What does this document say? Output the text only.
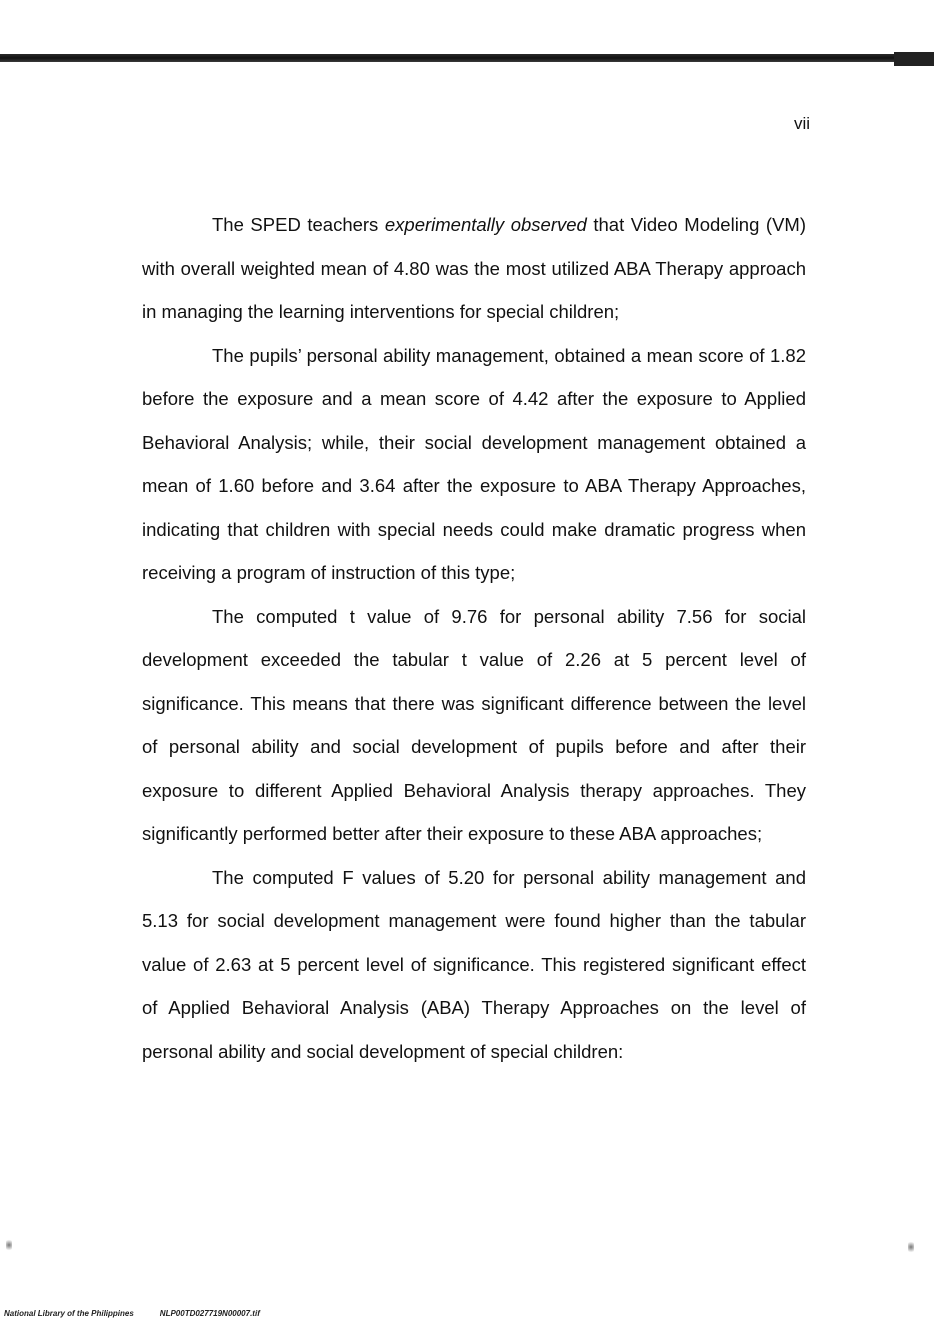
vii

The SPED teachers experimentally observed that Video Modeling (VM) with overall weighted mean of 4.80 was the most utilized ABA Therapy approach in managing the learning interventions for special children;

The pupils’ personal ability management, obtained a mean score of 1.82 before the exposure and a mean score of 4.42 after the exposure to Applied Behavioral Analysis; while, their social development management obtained a mean of 1.60 before and 3.64 after the exposure to ABA Therapy Approaches, indicating that children with special needs could make dramatic progress when receiving a program of instruction of this type;

The computed t value of 9.76 for personal ability 7.56 for social development exceeded the tabular t value of 2.26 at 5 percent level of significance. This means that there was significant difference between the level of personal ability and social development of pupils before and after their exposure to different Applied Behavioral Analysis therapy approaches. They significantly performed better after their exposure to these ABA approaches;

The computed F values of 5.20 for personal ability management and 5.13 for social development management were found higher than the tabular value of 2.63 at 5 percent level of significance. This registered significant effect of Applied Behavioral Analysis (ABA) Therapy Approaches on the level of personal ability and social development of special children:

National Library of the Philippines	NLP00TD027719N00007.tif
